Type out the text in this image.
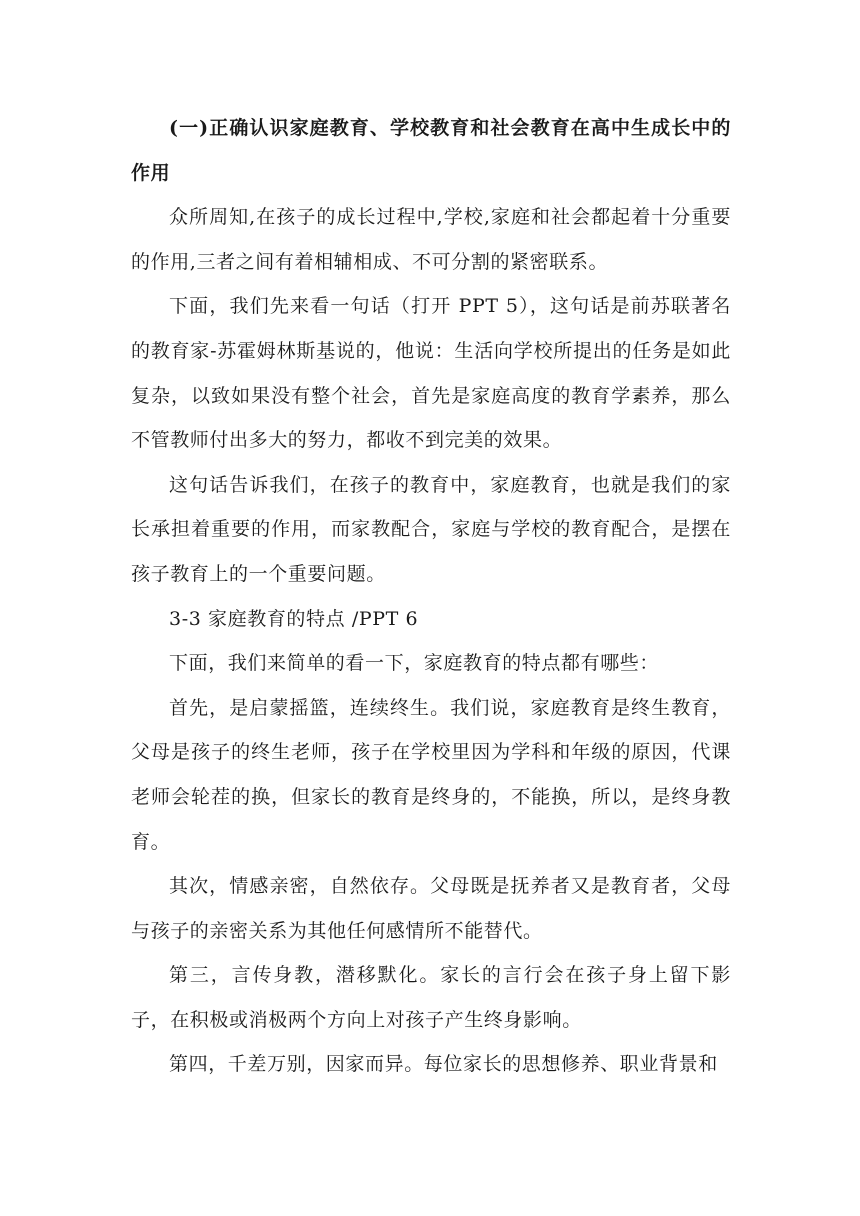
(一)正确认识家庭教育、学校教育和社会教育在高中生成长中的作用

众所周知,在孩子的成长过程中,学校,家庭和社会都起着十分重要的作用,三者之间有着相辅相成、不可分割的紧密联系。

下面，我们先来看一句话（打开 PPT 5），这句话是前苏联著名的教育家-苏霍姆林斯基说的，他说：生活向学校所提出的任务是如此复杂，以致如果没有整个社会，首先是家庭高度的教育学素养，那么不管教师付出多大的努力，都收不到完美的效果。

这句话告诉我们，在孩子的教育中，家庭教育，也就是我们的家长承担着重要的作用，而家教配合，家庭与学校的教育配合，是摆在孩子教育上的一个重要问题。

3-3 家庭教育的特点 /PPT 6

下面，我们来简单的看一下，家庭教育的特点都有哪些：

首先，是启蒙摇篮，连续终生。我们说，家庭教育是终生教育，父母是孩子的终生老师，孩子在学校里因为学科和年级的原因，代课老师会轮茬的换，但家长的教育是终身的，不能换，所以，是终身教育。

其次，情感亲密，自然依存。父母既是抚养者又是教育者，父母与孩子的亲密关系为其他任何感情所不能替代。

第三，言传身教，潜移默化。家长的言行会在孩子身上留下影子，在积极或消极两个方向上对孩子产生终身影响。

第四，千差万别，因家而异。每位家长的思想修养、职业背景和
